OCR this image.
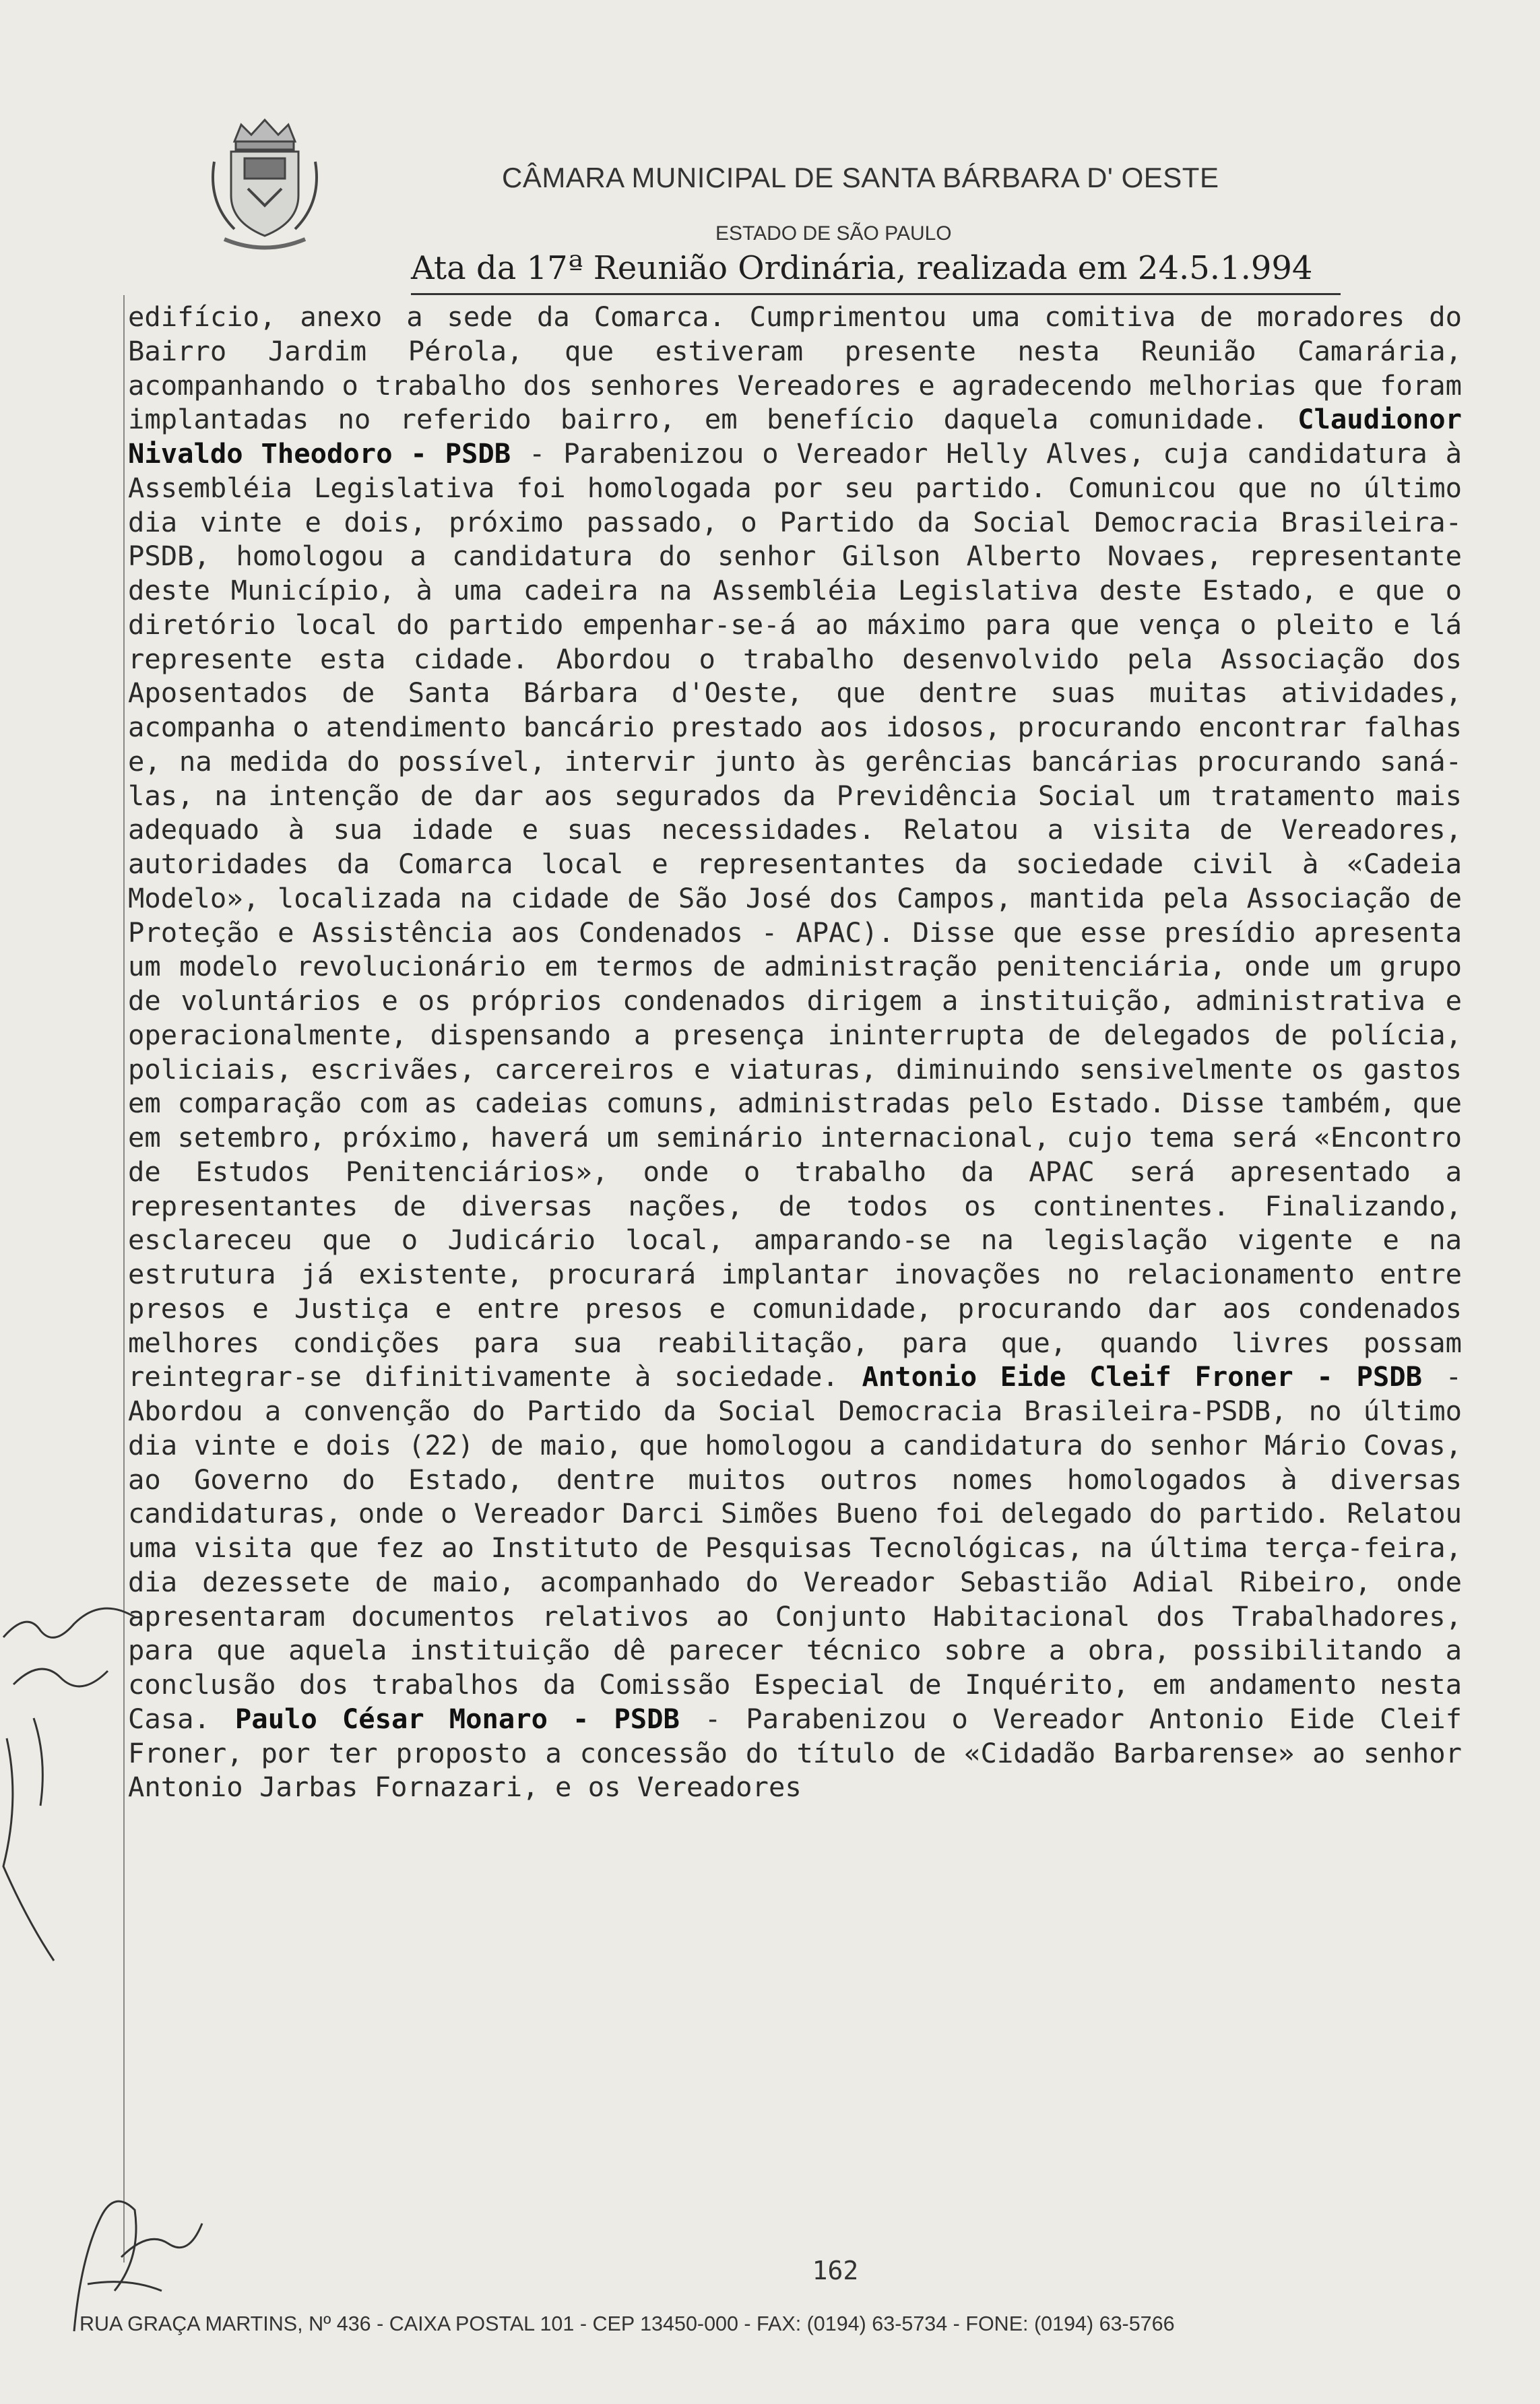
CÂMARA MUNICIPAL DE SANTA BÁRBARA D' OESTE
ESTADO DE SÃO PAULO
Ata da 17ª Reunião Ordinária, realizada em 24.5.1.994

edifício, anexo a sede da Comarca. Cumprimentou uma comitiva de moradores do Bairro Jardim Pérola, que estiveram presente nesta Reunião Camarária, acompanhando o trabalho dos senhores Vereadores e agradecendo melhorias que foram implantadas no referido bairro, em benefício daquela comunidade. Claudionor Nivaldo Theodoro - PSDB - Parabenizou o Vereador Helly Alves, cuja candidatura à Assembléia Legislativa foi homologada por seu partido. Comunicou que no último dia vinte e dois, próximo passado, o Partido da Social Democracia Brasileira-PSDB, homologou a candidatura do senhor Gilson Alberto Novaes, representante deste Município, à uma cadeira na Assembléia Legislativa deste Estado, e que o diretório local do partido empenhar-se-á ao máximo para que vença o pleito e lá represente esta cidade. Abordou o trabalho desenvolvido pela Associação dos Aposentados de Santa Bárbara d'Oeste, que dentre suas muitas atividades, acompanha o atendimento bancário prestado aos idosos, procurando encontrar falhas e, na medida do possível, intervir junto às gerências bancárias procurando saná-las, na intenção de dar aos segurados da Previdência Social um tratamento mais adequado à sua idade e suas necessidades. Relatou a visita de Vereadores, autoridades da Comarca local e representantes da sociedade civil à «Cadeia Modelo», localizada na cidade de São José dos Campos, mantida pela Associação de Proteção e Assistência aos Condenados - APAC). Disse que esse presídio apresenta um modelo revolucionário em termos de administração penitenciária, onde um grupo de voluntários e os próprios condenados dirigem a instituição, administrativa e operacionalmente, dispensando a presença ininterrupta de delegados de polícia, policiais, escrivães, carcereiros e viaturas, diminuindo sensivelmente os gastos em comparação com as cadeias comuns, administradas pelo Estado. Disse também, que em setembro, próximo, haverá um seminário internacional, cujo tema será «Encontro de Estudos Penitenciários», onde o trabalho da APAC será apresentado a representantes de diversas nações, de todos os continentes. Finalizando, esclareceu que o Judicário local, amparando-se na legislação vigente e na estrutura já existente, procurará implantar inovações no relacionamento entre presos e Justiça e entre presos e comunidade, procurando dar aos condenados melhores condições para sua reabilitação, para que, quando livres possam reintegrar-se difinitivamente à sociedade. Antonio Eide Cleif Froner - PSDB - Abordou a convenção do Partido da Social Democracia Brasileira-PSDB, no último dia vinte e dois (22) de maio, que homologou a candidatura do senhor Mário Covas, ao Governo do Estado, dentre muitos outros nomes homologados à diversas candidaturas, onde o Vereador Darci Simões Bueno foi delegado do partido. Relatou uma visita que fez ao Instituto de Pesquisas Tecnológicas, na última terça-feira, dia dezessete de maio, acompanhado do Vereador Sebastião Adial Ribeiro, onde apresentaram documentos relativos ao Conjunto Habitacional dos Trabalhadores, para que aquela instituição dê parecer técnico sobre a obra, possibilitando a conclusão dos trabalhos da Comissão Especial de Inquérito, em andamento nesta Casa. Paulo César Monaro - PSDB - Parabenizou o Vereador Antonio Eide Cleif Froner, por ter proposto a concessão do título de «Cidadão Barbarense» ao senhor Antonio Jarbas Fornazari, e os Vereadores

162
RUA GRAÇA MARTINS, Nº 436 - CAIXA POSTAL 101 - CEP 13450-000 - FAX: (0194) 63-5734 - FONE: (0194) 63-5766
